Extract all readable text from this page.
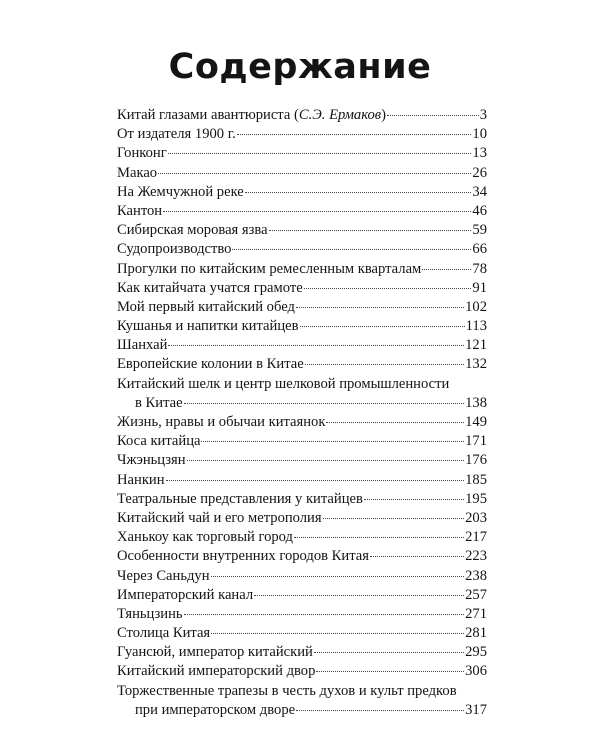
Содержание
Китай глазами авантюриста (С.Э. Ермаков)	3
От издателя 1900 г.	10
Гонконг	13
Макао	26
На Жемчужной реке	34
Кантон	46
Сибирская моровая язва	59
Судопроизводство	66
Прогулки по китайским ремесленным кварталам	78
Как китайчата учатся грамоте	91
Мой первый китайский обед	102
Кушанья и напитки китайцев	113
Шанхай	121
Европейские колонии в Китае	132
Китайский шелк и центр шелковой промышленности
в Китае	138
Жизнь, нравы и обычаи китаянок	149
Коса китайца	171
Чжэньцзян	176
Нанкин	185
Театральные представления у китайцев	195
Китайский чай и его метрополия	203
Ханькоу как торговый город	217
Особенности внутренних городов Китая	223
Через Саньдун	238
Императорский канал	257
Тяньцзинь	271
Столица Китая	281
Гуансюй, император китайский	295
Китайский императорский двор	306
Торжественные трапезы в честь духов и культ предков
при императорском дворе	317
